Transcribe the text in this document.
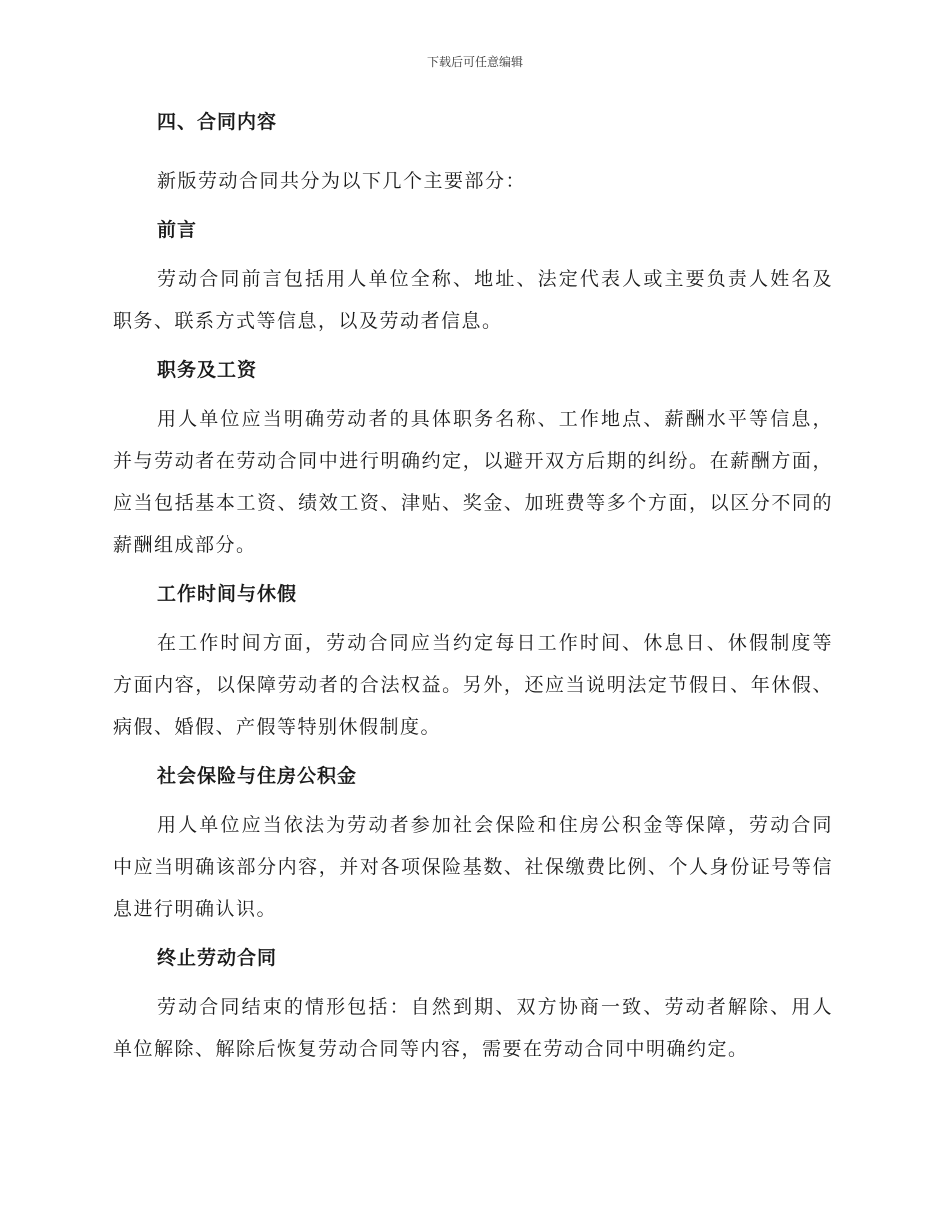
下载后可任意编辑
四、合同内容

新版劳动合同共分为以下几个主要部分：

前言

劳动合同前言包括用人单位全称、地址、法定代表人或主要负责人姓名及职务、联系方式等信息，以及劳动者信息。

职务及工资

用人单位应当明确劳动者的具体职务名称、工作地点、薪酬水平等信息，并与劳动者在劳动合同中进行明确约定，以避开双方后期的纠纷。在薪酬方面，应当包括基本工资、绩效工资、津贴、奖金、加班费等多个方面，以区分不同的薪酬组成部分。

工作时间与休假

在工作时间方面，劳动合同应当约定每日工作时间、休息日、休假制度等方面内容，以保障劳动者的合法权益。另外，还应当说明法定节假日、年休假、病假、婚假、产假等特别休假制度。

社会保险与住房公积金

用人单位应当依法为劳动者参加社会保险和住房公积金等保障，劳动合同中应当明确该部分内容，并对各项保险基数、社保缴费比例、个人身份证号等信息进行明确认识。

终止劳动合同

劳动合同结束的情形包括：自然到期、双方协商一致、劳动者解除、用人单位解除、解除后恢复劳动合同等内容，需要在劳动合同中明确约定。
